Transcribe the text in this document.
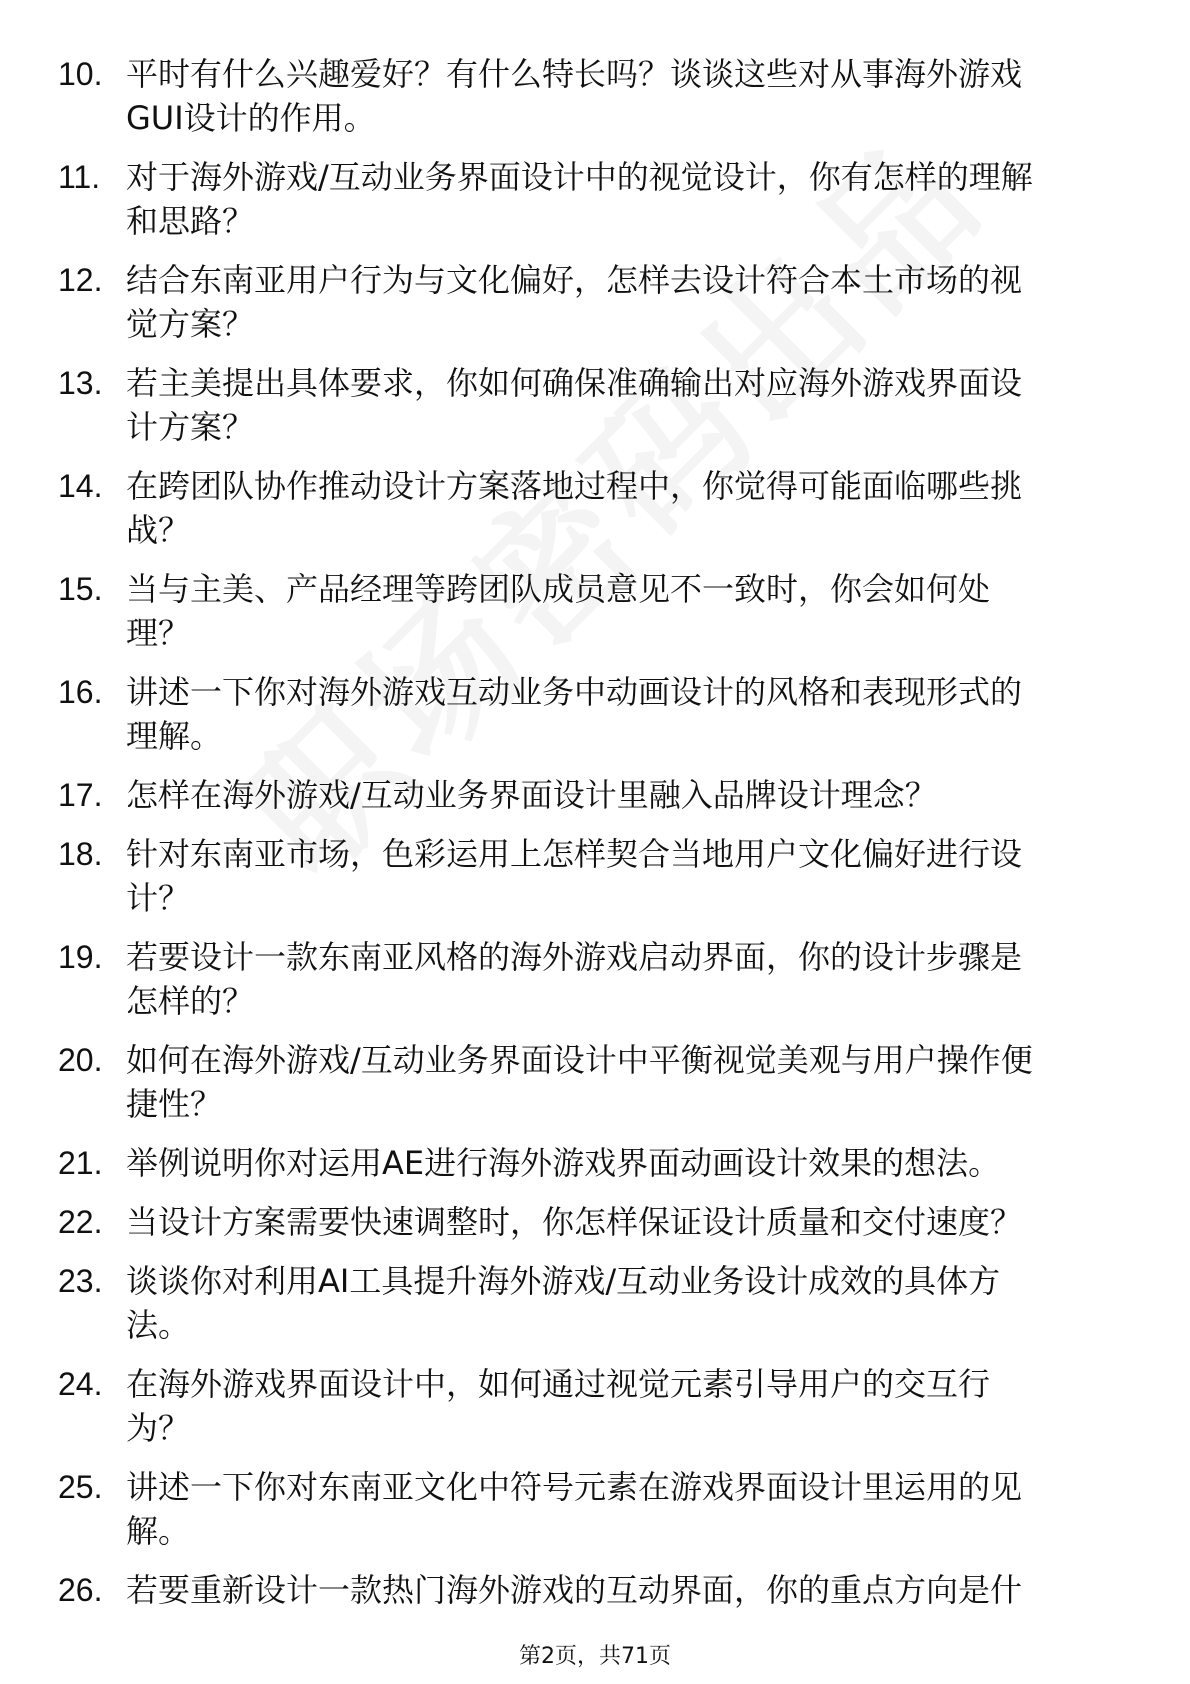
10. 平时有什么兴趣爱好？有什么特长吗？谈谈这些对从事海外游戏
GUI设计的作用。
11. 对于海外游戏/互动业务界面设计中的视觉设计，你有怎样的理解
和思路？
12. 结合东南亚用户行为与文化偏好，怎样去设计符合本土市场的视
觉方案？
13. 若主美提出具体要求，你如何确保准确输出对应海外游戏界面设
计方案？
14. 在跨团队协作推动设计方案落地过程中，你觉得可能面临哪些挑
战？
15. 当与主美、产品经理等跨团队成员意见不一致时，你会如何处
理？
16. 讲述一下你对海外游戏互动业务中动画设计的风格和表现形式的
理解。
17. 怎样在海外游戏/互动业务界面设计里融入品牌设计理念？
18. 针对东南亚市场，色彩运用上怎样契合当地用户文化偏好进行设
计？
19. 若要设计一款东南亚风格的海外游戏启动界面，你的设计步骤是
怎样的？
20. 如何在海外游戏/互动业务界面设计中平衡视觉美观与用户操作便
捷性？
21. 举例说明你对运用AE进行海外游戏界面动画设计效果的想法。
22. 当设计方案需要快速调整时，你怎样保证设计质量和交付速度？
23. 谈谈你对利用AI工具提升海外游戏/互动业务设计成效的具体方
法。
24. 在海外游戏界面设计中，如何通过视觉元素引导用户的交互行
为？
25. 讲述一下你对东南亚文化中符号元素在游戏界面设计里运用的见
解。
26. 若要重新设计一款热门海外游戏的互动界面，你的重点方向是什
第2页，共71页
